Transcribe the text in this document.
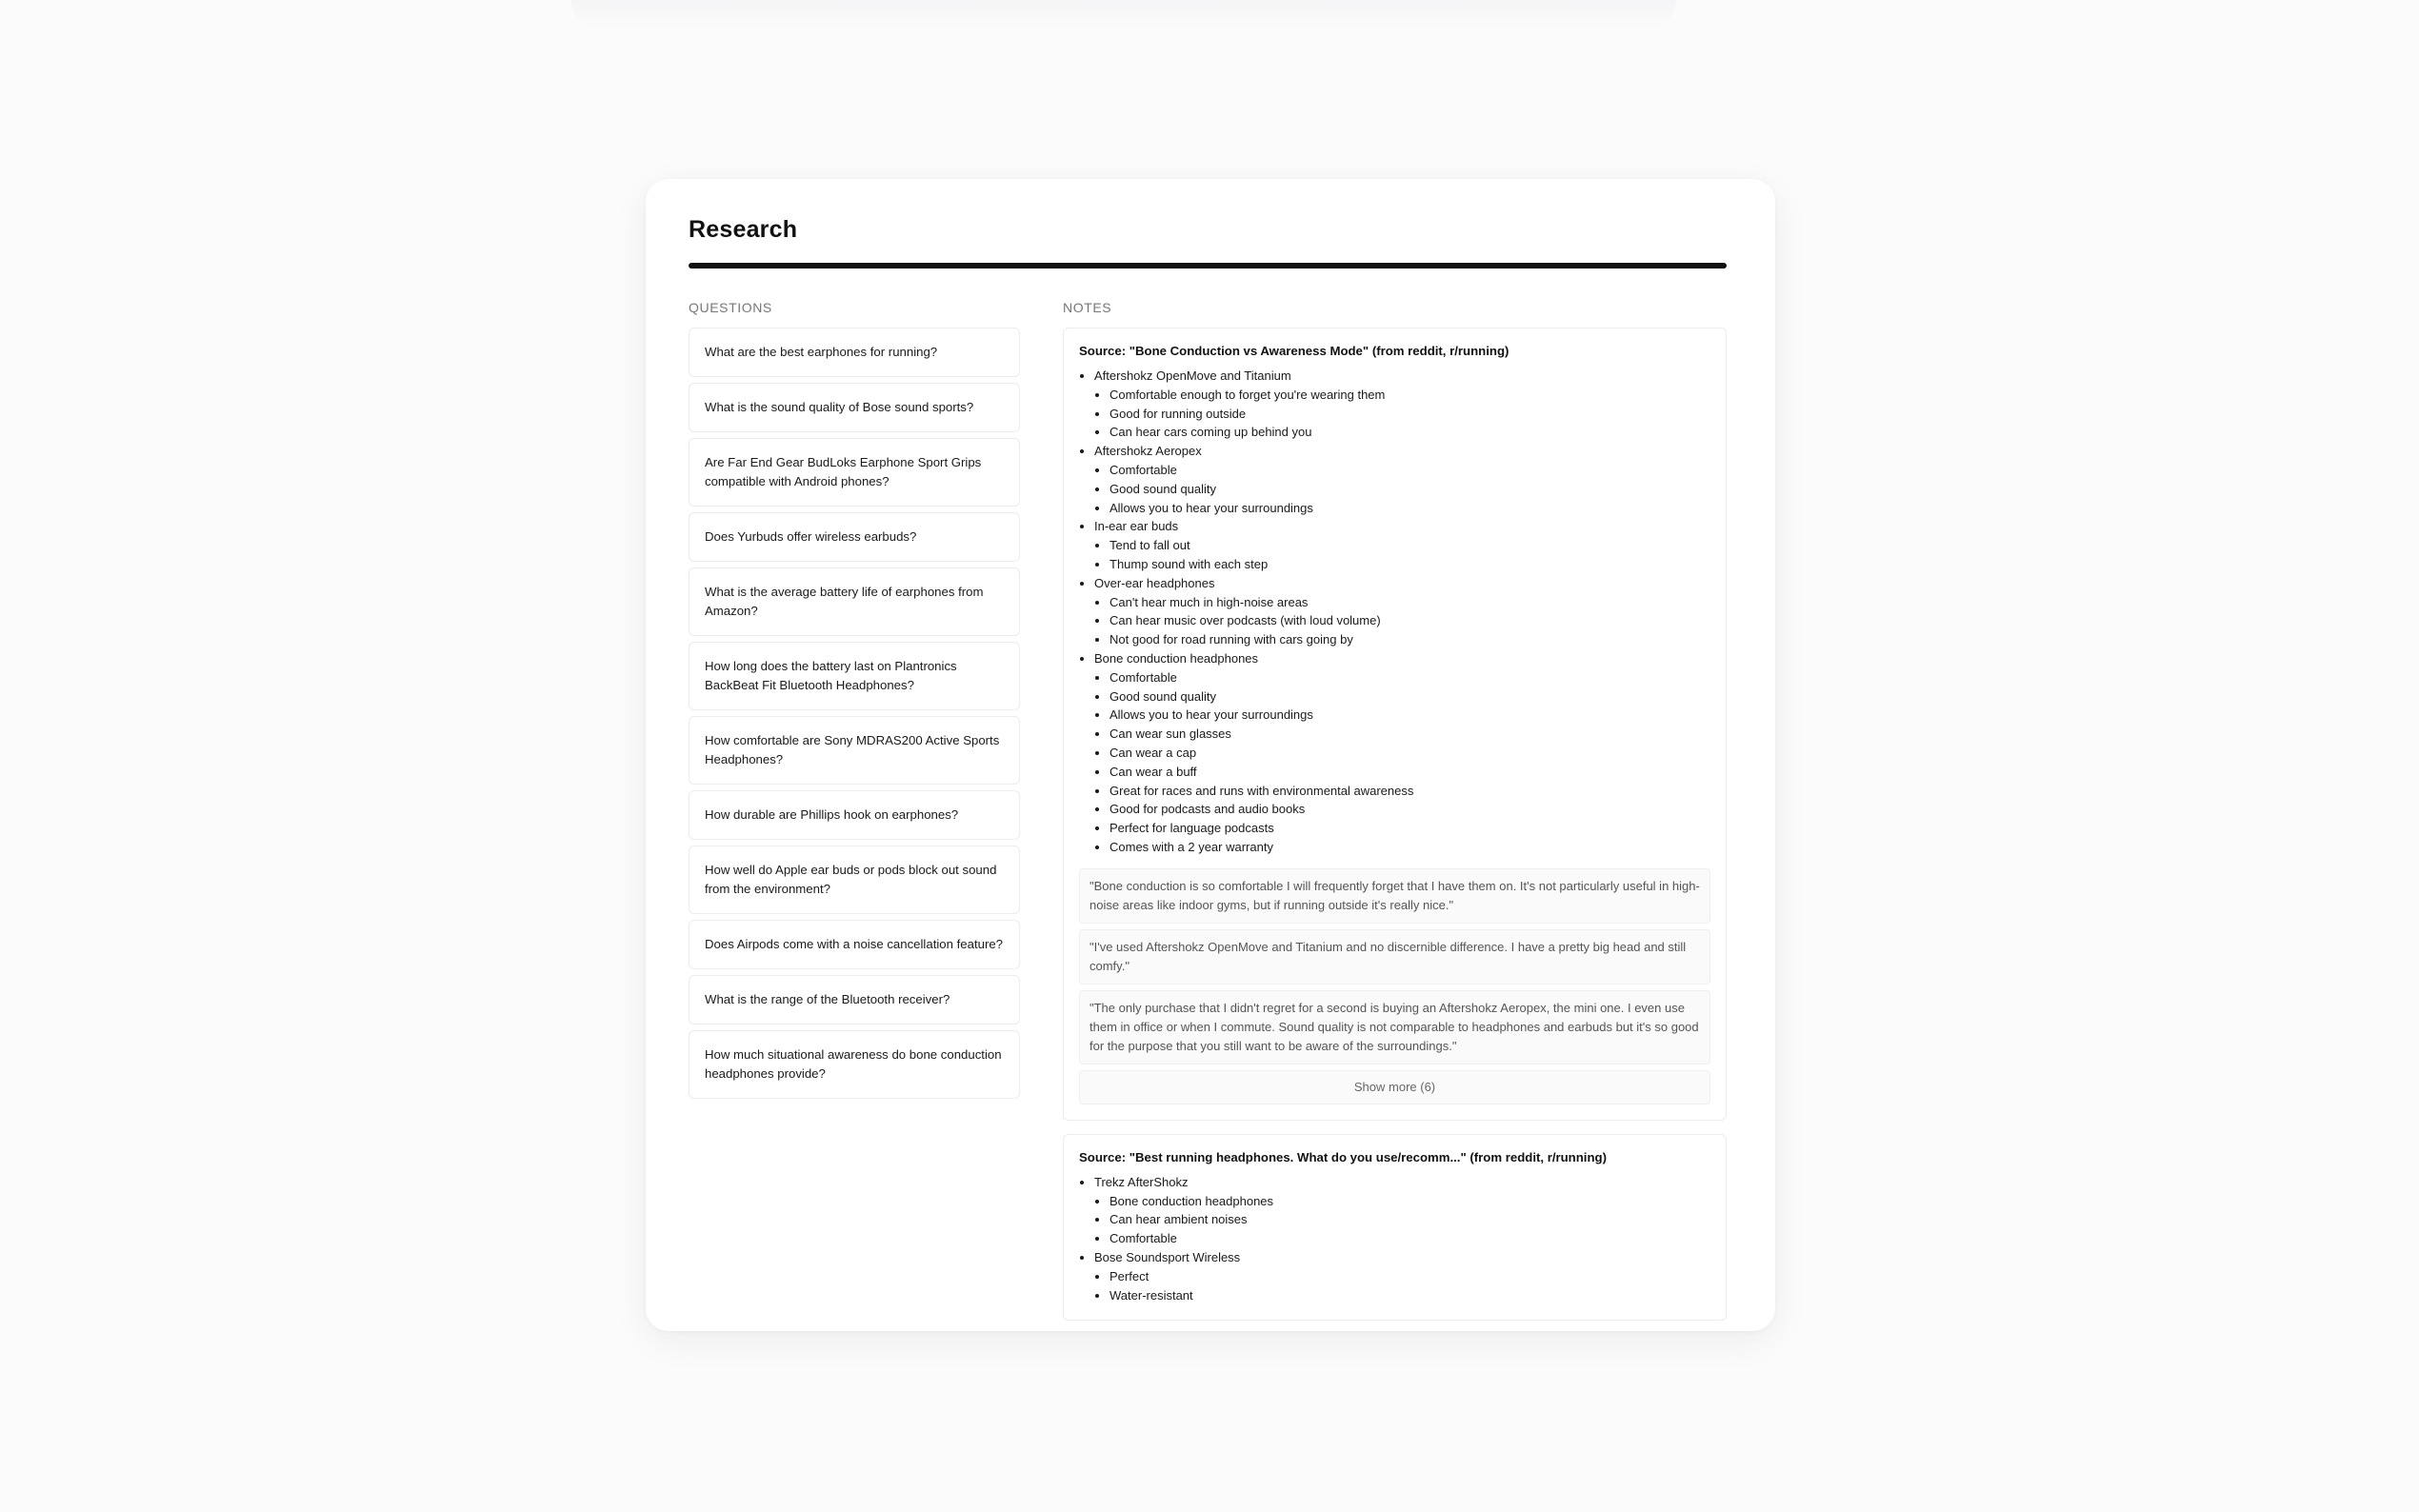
Research
QUESTIONS
What are the best earphones for running?
What is the sound quality of Bose sound sports?
Are Far End Gear BudLoks Earphone Sport Grips compatible with Android phones?
Does Yurbuds offer wireless earbuds?
What is the average battery life of earphones from Amazon?
How long does the battery last on Plantronics BackBeat Fit Bluetooth Headphones?
How comfortable are Sony MDRAS200 Active Sports Headphones?
How durable are Phillips hook on earphones?
How well do Apple ear buds or pods block out sound from the environment?
Does Airpods come with a noise cancellation feature?
What is the range of the Bluetooth receiver?
How much situational awareness do bone conduction headphones provide?
NOTES
Source: "Bone Conduction vs Awareness Mode" (from reddit, r/running)
• Aftershokz OpenMove and Titanium
• Comfortable enough to forget you're wearing them
• Good for running outside
• Can hear cars coming up behind you
• Aftershokz Aeropex
• Comfortable
• Good sound quality
• Allows you to hear your surroundings
• In-ear ear buds
• Tend to fall out
• Thump sound with each step
• Over-ear headphones
• Can't hear much in high-noise areas
• Can hear music over podcasts (with loud volume)
• Not good for road running with cars going by
• Bone conduction headphones
• Comfortable
• Good sound quality
• Allows you to hear your surroundings
• Can wear sun glasses
• Can wear a cap
• Can wear a buff
• Great for races and runs with environmental awareness
• Good for podcasts and audio books
• Perfect for language podcasts
• Comes with a 2 year warranty
"Bone conduction is so comfortable I will frequently forget that I have them on. It's not particularly useful in high-noise areas like indoor gyms, but if running outside it's really nice."
"I've used Aftershokz OpenMove and Titanium and no discernible difference. I have a pretty big head and still comfy."
"The only purchase that I didn't regret for a second is buying an Aftershokz Aeropex, the mini one. I even use them in office or when I commute. Sound quality is not comparable to headphones and earbuds but it's so good for the purpose that you still want to be aware of the surroundings."
Show more (6)
Source: "Best running headphones. What do you use/recomm..." (from reddit, r/running)
• Trekz AfterShokz
• Bone conduction headphones
• Can hear ambient noises
• Comfortable
• Bose Soundsport Wireless
• Perfect
• Water-resistant
